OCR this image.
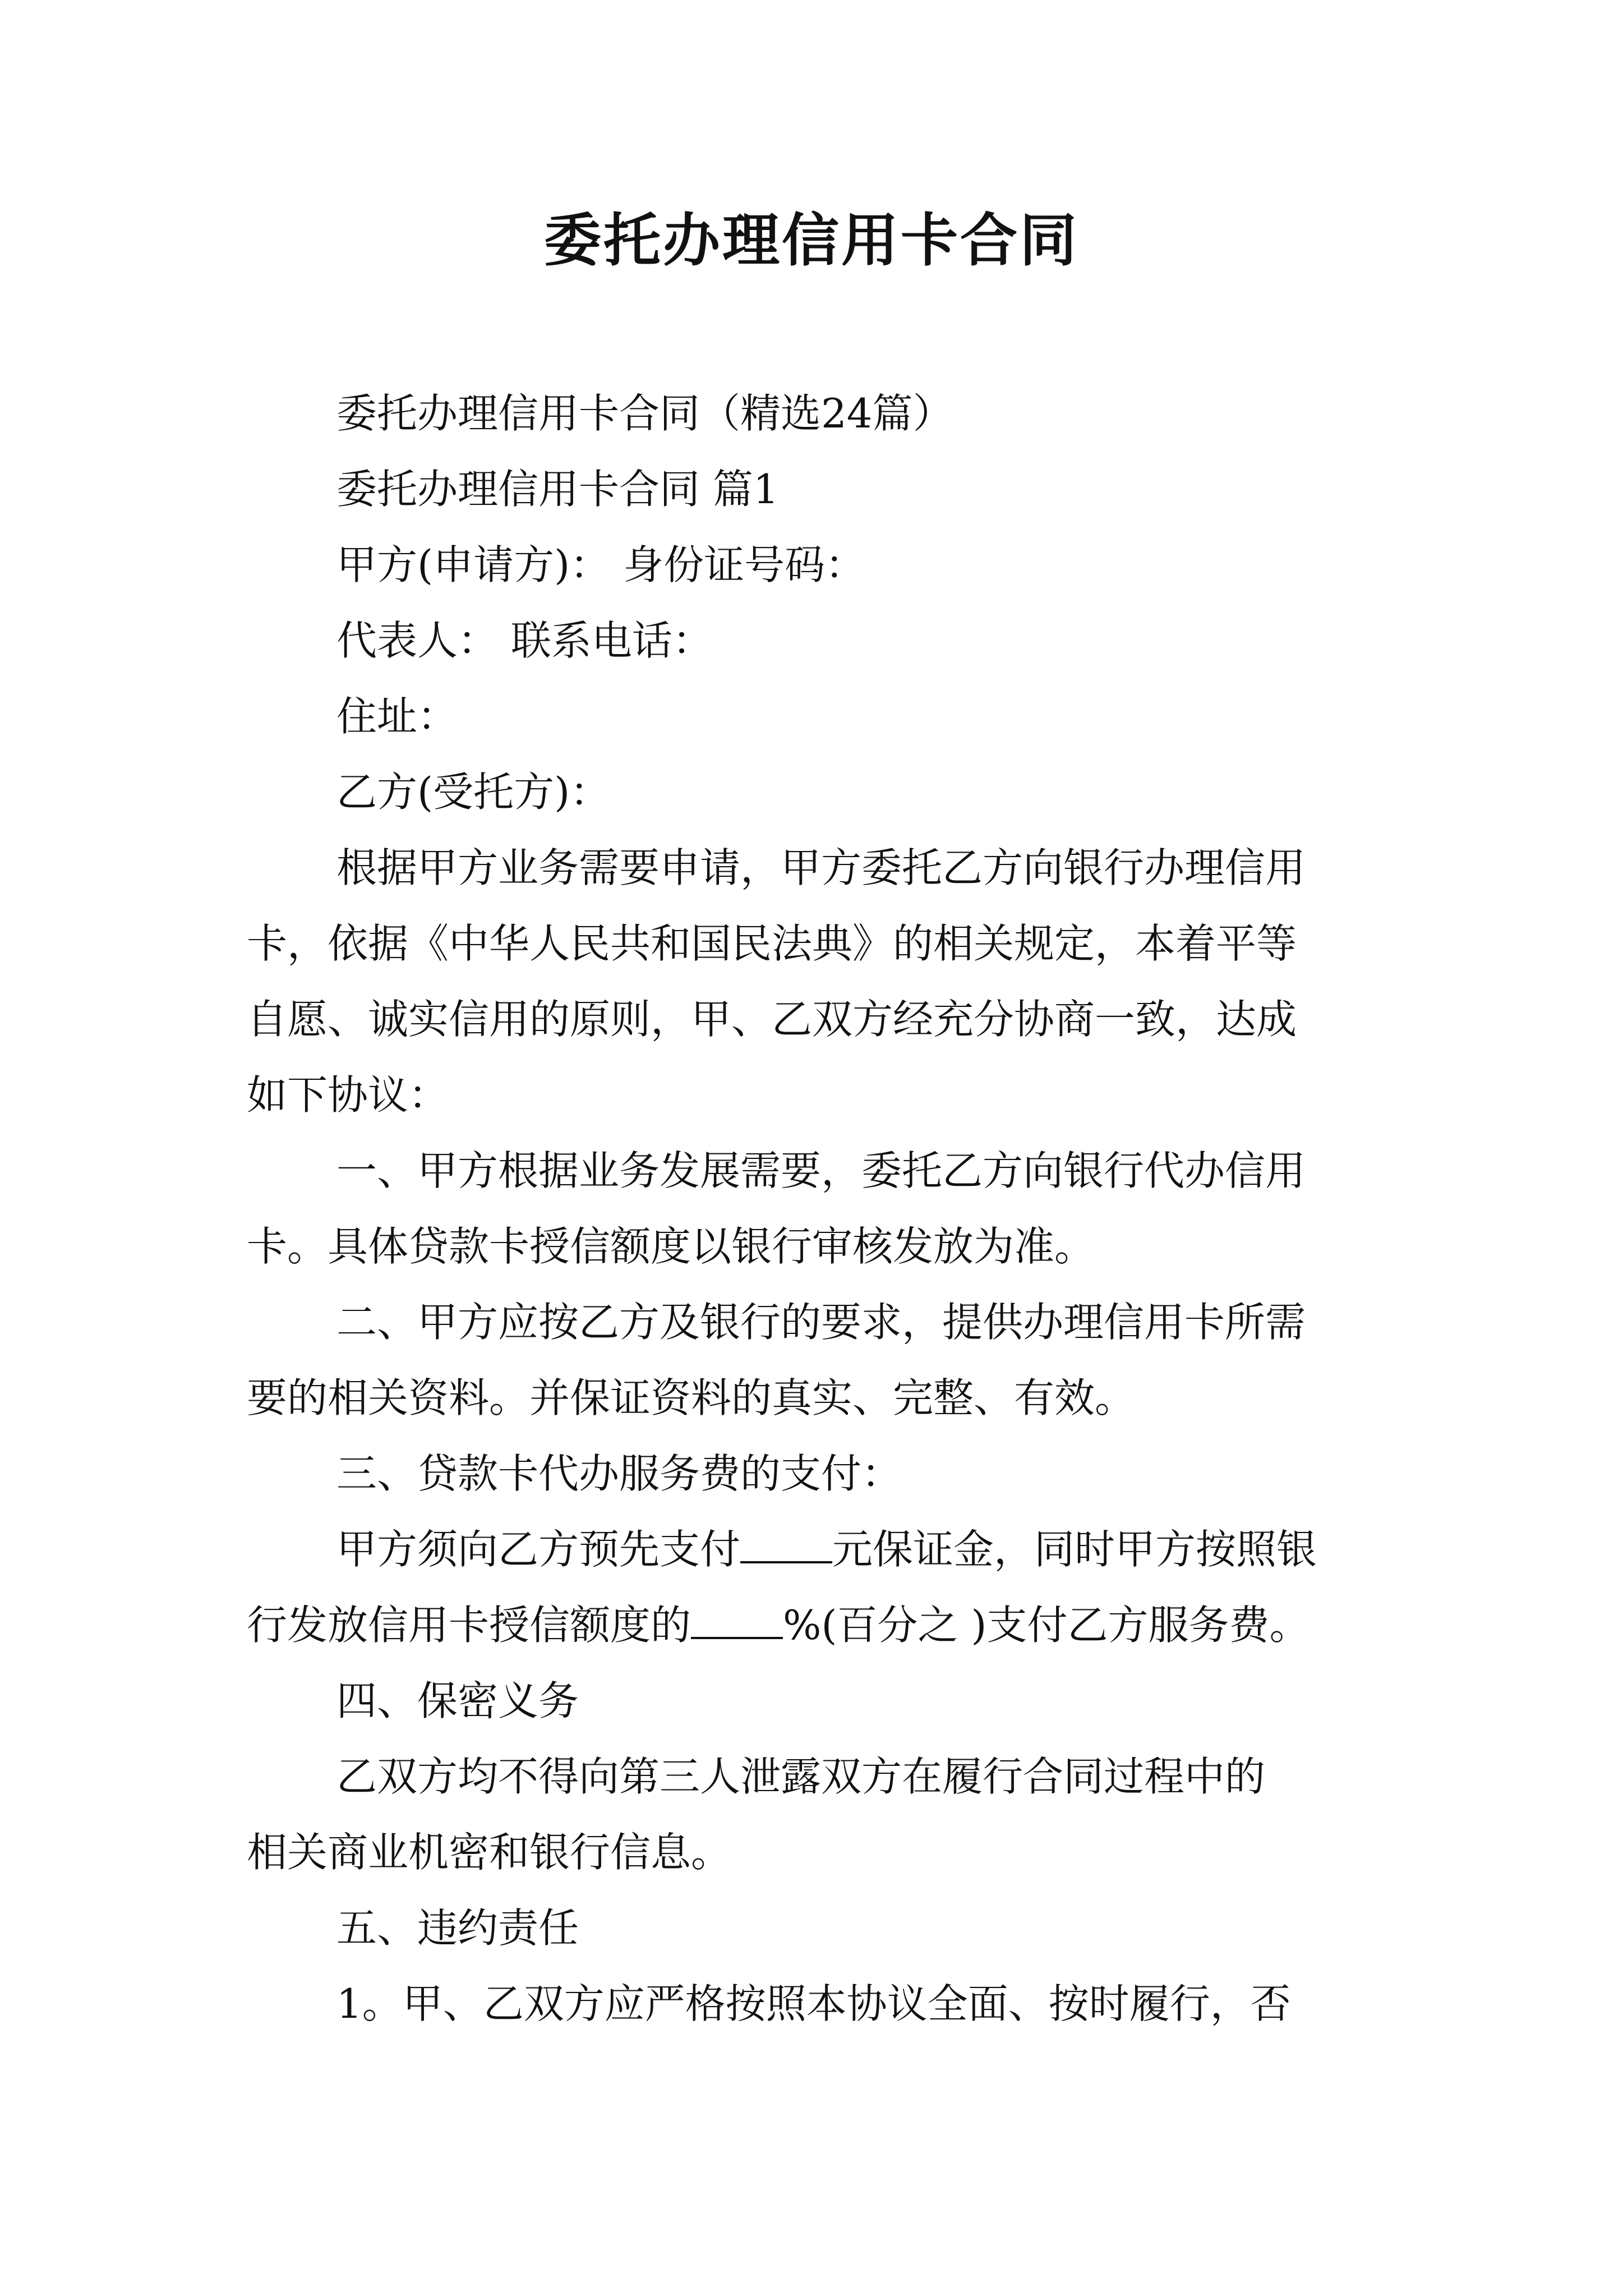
委托办理信用卡合同
委托办理信用卡合同（精选24篇）
委托办理信用卡合同 篇1
甲方(申请方)： 身份证号码：
代表人： 联系电话：
住址：
乙方(受托方)：
根据甲方业务需要申请，甲方委托乙方向银行办理信用
卡，依据《中华人民共和国民法典》的相关规定，本着平等
自愿、诚实信用的原则，甲、乙双方经充分协商一致，达成
如下协议：
一、甲方根据业务发展需要，委托乙方向银行代办信用
卡。具体贷款卡授信额度以银行审核发放为准。
二、甲方应按乙方及银行的要求，提供办理信用卡所需
要的相关资料。并保证资料的真实、完整、有效。
三、贷款卡代办服务费的支付：
甲方须向乙方预先支付 元保证金，同时甲方按照银
行发放信用卡授信额度的 %(百分之 )支付乙方服务费。
四、保密义务
乙双方均不得向第三人泄露双方在履行合同过程中的
相关商业机密和银行信息。
五、违约责任
1。甲、乙双方应严格按照本协议全面、按时履行，否
